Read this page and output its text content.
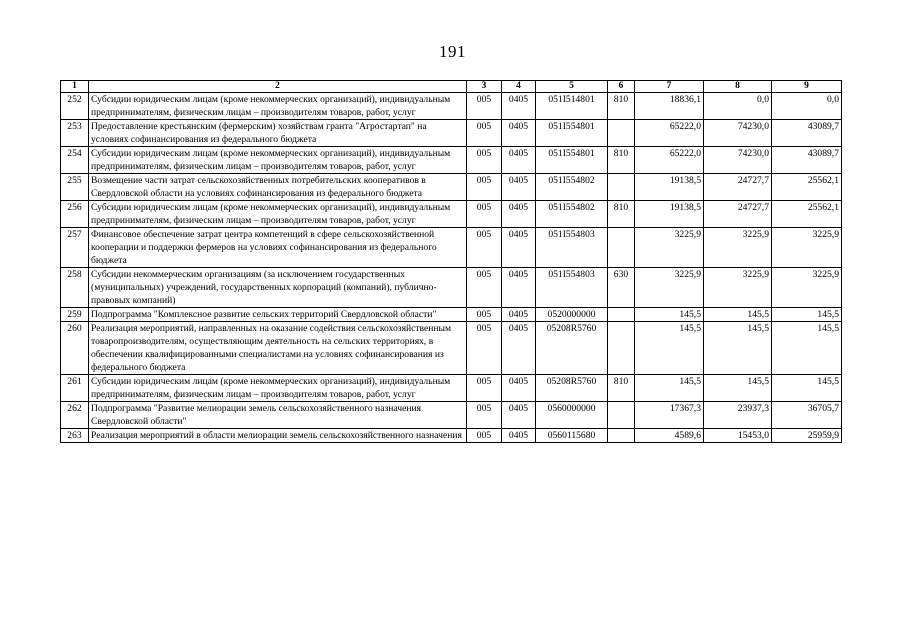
191
1	2	3	4	5	6	7	8	9
252	Субсидии юридическим лицам (кроме некоммерческих организаций), индивидуальным предпринимателям, физическим лицам – производителям товаров, работ, услуг	005	0405	051I514801	810	18836,1	0,0	0,0
253	Предоставление крестьянским (фермерским) хозяйствам гранта "Агростартап" на условиях софинансирования из федерального бюджета	005	0405	051I554801		65222,0	74230,0	43089,7
254	Субсидии юридическим лицам (кроме некоммерческих организаций), индивидуальным предпринимателям, физическим лицам – производителям товаров, работ, услуг	005	0405	051I554801	810	65222,0	74230,0	43089,7
255	Возмещение части затрат сельскохозяйственных потребительских кооперативов в Свердловской области на условиях софинансирования из федерального бюджета	005	0405	051I554802		19138,5	24727,7	25562,1
256	Субсидии юридическим лицам (кроме некоммерческих организаций), индивидуальным предпринимателям, физическим лицам – производителям товаров, работ, услуг	005	0405	051I554802	810	19138,5	24727,7	25562,1
257	Финансовое обеспечение затрат центра компетенций в сфере сельскохозяйственной кооперации и поддержки фермеров на условиях софинансирования из федерального бюджета	005	0405	051I554803		3225,9	3225,9	3225,9
258	Субсидии некоммерческим организациям (за исключением государственных (муниципальных) учреждений, государственных корпораций (компаний), публично-правовых компаний)	005	0405	051I554803	630	3225,9	3225,9	3225,9
259	Подпрограмма "Комплексное развитие сельских территорий Свердловской области"	005	0405	0520000000		145,5	145,5	145,5
260	Реализация мероприятий, направленных на оказание содействия сельскохозяйственным товаропроизводителям, осуществляющим деятельность на сельских территориях, в обеспечении квалифицированными специалистами на условиях софинансирования из федерального бюджета	005	0405	05208R5760		145,5	145,5	145,5
261	Субсидии юридическим лицам (кроме некоммерческих организаций), индивидуальным предпринимателям, физическим лицам – производителям товаров, работ, услуг	005	0405	05208R5760	810	145,5	145,5	145,5
262	Подпрограмма "Развитие мелиорации земель сельскохозяйственного назначения Свердловской области"	005	0405	0560000000		17367,3	23937,3	36705,7
263	Реализация мероприятий в области мелиорации земель сельскохозяйственного назначения	005	0405	0560115680		4589,6	15453,0	25959,9
